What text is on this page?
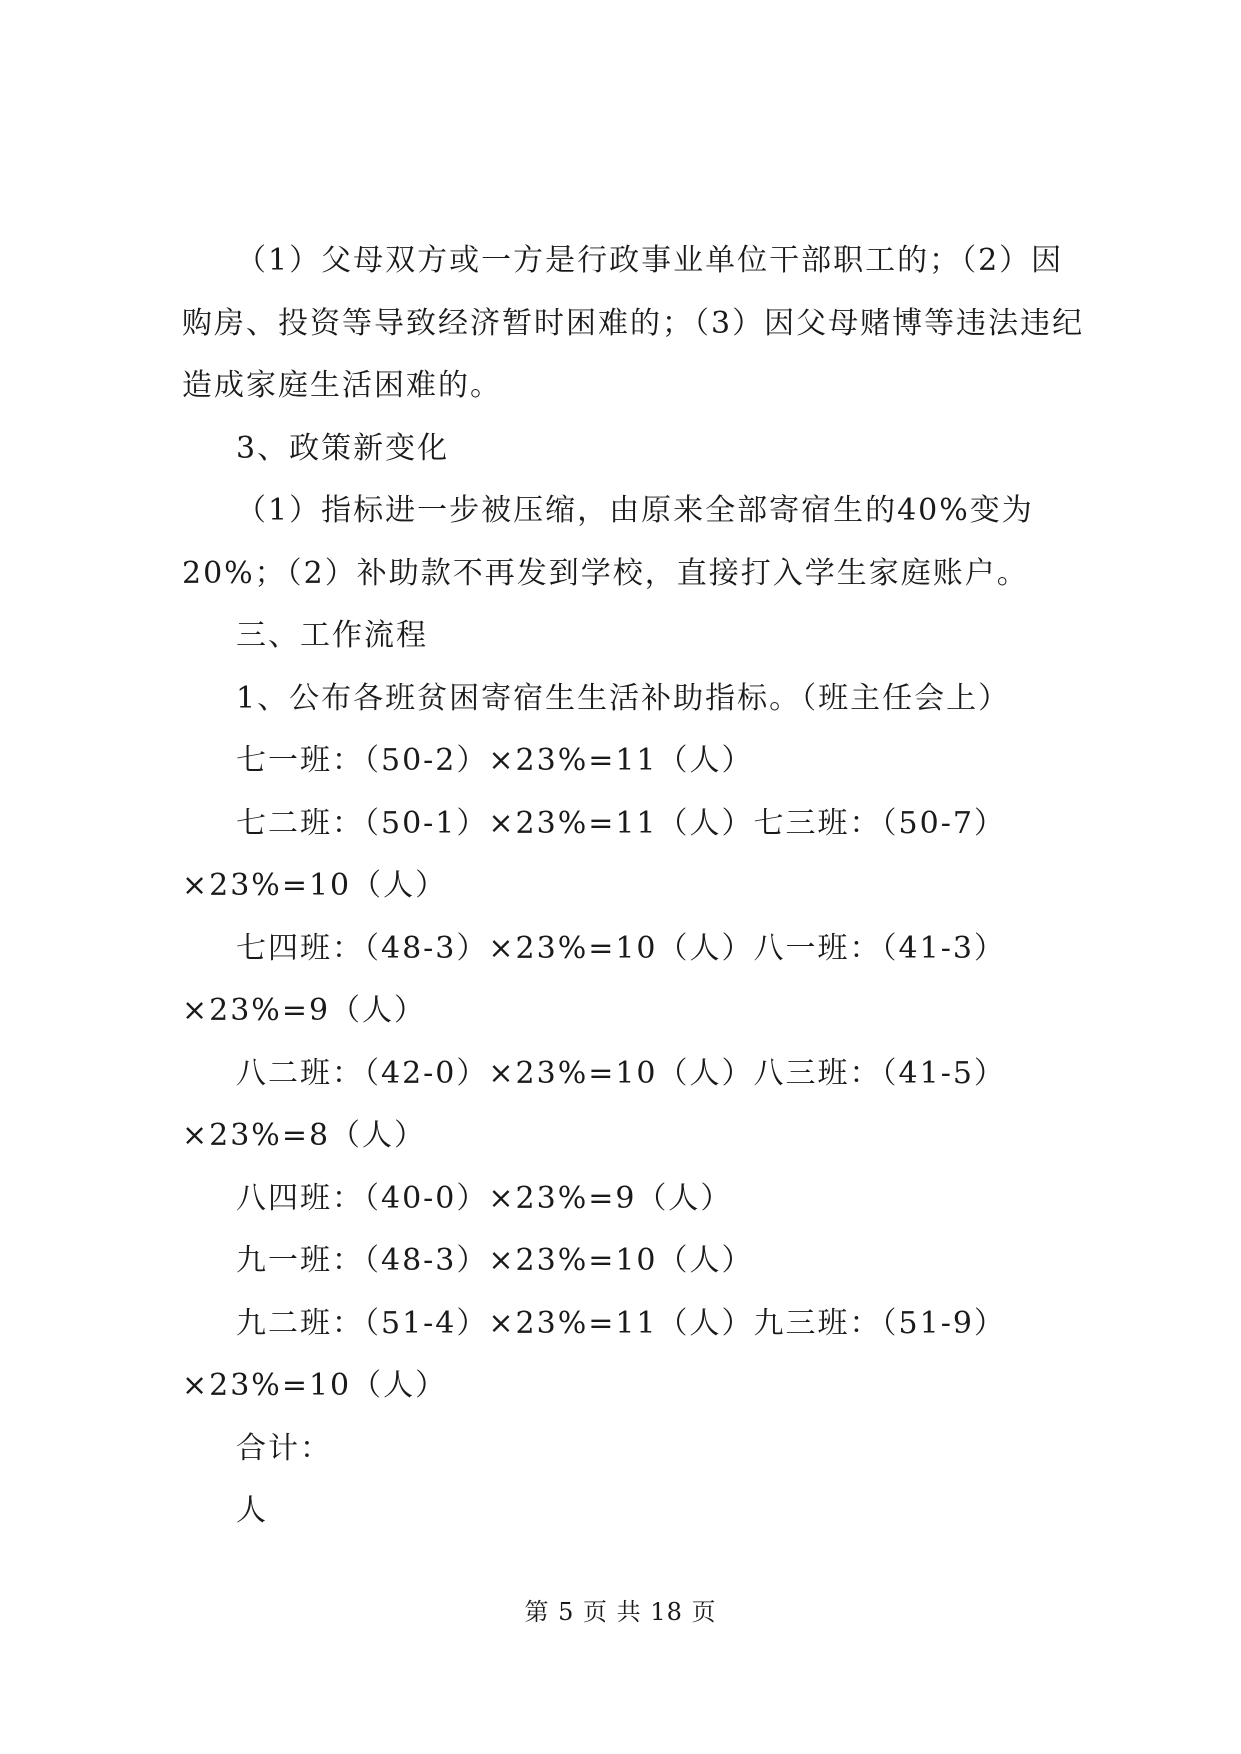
（1）父母双方或一方是行政事业单位干部职工的；（2）因购房、投资等导致经济暂时困难的；（3）因父母赌博等违法违纪造成家庭生活困难的。

3、政策新变化

（1）指标进一步被压缩，由原来全部寄宿生的40%变为20%；（2）补助款不再发到学校，直接打入学生家庭账户。

三、工作流程

1、公布各班贫困寄宿生生活补助指标。（班主任会上）

七一班：（50-2）×23%=11（人）

七二班：（50-1）×23%=11（人）七三班：（50-7）×23%=10（人）

七四班：（48-3）×23%=10（人）八一班：（41-3）×23%=9（人）

八二班：（42-0）×23%=10（人）八三班：（41-5）×23%=8（人）

八四班：（40-0）×23%=9（人）

九一班：（48-3）×23%=10（人）

九二班：（51-4）×23%=11（人）九三班：（51-9）×23%=10（人）

合计：

人

第 5 页 共 18 页
